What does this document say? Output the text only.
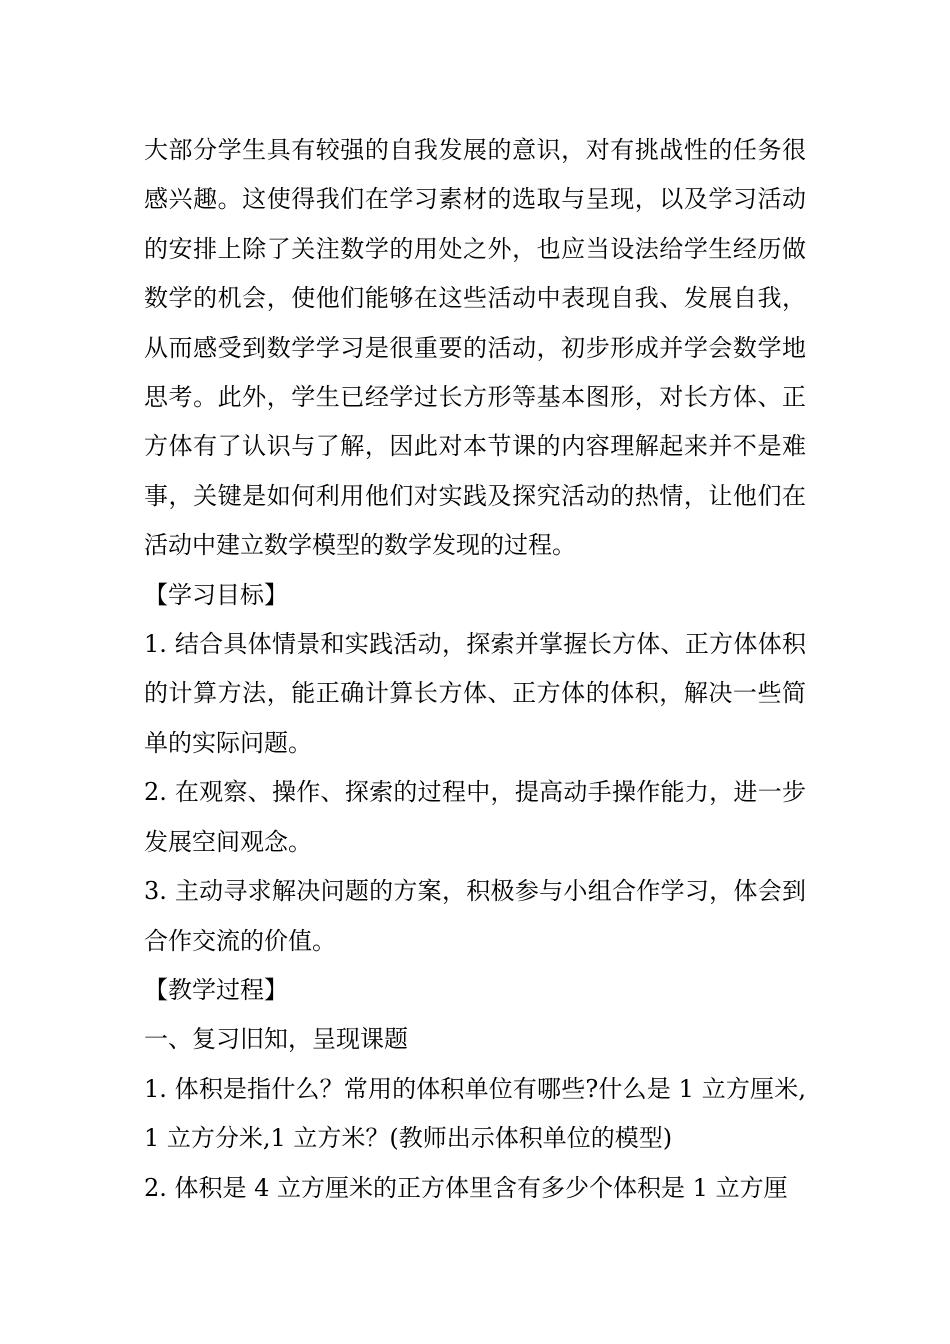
大部分学生具有较强的自我发展的意识，对有挑战性的任务很感兴趣。这使得我们在学习素材的选取与呈现，以及学习活动的安排上除了关注数学的用处之外，也应当设法给学生经历做数学的机会，使他们能够在这些活动中表现自我、发展自我，从而感受到数学学习是很重要的活动，初步形成并学会数学地思考。此外，学生已经学过长方形等基本图形，对长方体、正方体有了认识与了解，因此对本节课的内容理解起来并不是难事，关键是如何利用他们对实践及探究活动的热情，让他们在活动中建立数学模型的数学发现的过程。

【学习目标】

1. 结合具体情景和实践活动，探索并掌握长方体、正方体体积的计算方法，能正确计算长方体、正方体的体积，解决一些简单的实际问题。

2. 在观察、操作、探索的过程中，提高动手操作能力，进一步发展空间观念。

3. 主动寻求解决问题的方案，积极参与小组合作学习，体会到合作交流的价值。

【教学过程】

一、复习旧知，呈现课题

1. 体积是指什么？常用的体积单位有哪些?什么是 1 立方厘米,1 立方分米,1 立方米？(教师出示体积单位的模型)

2. 体积是 4 立方厘米的正方体里含有多少个体积是 1 立方厘
